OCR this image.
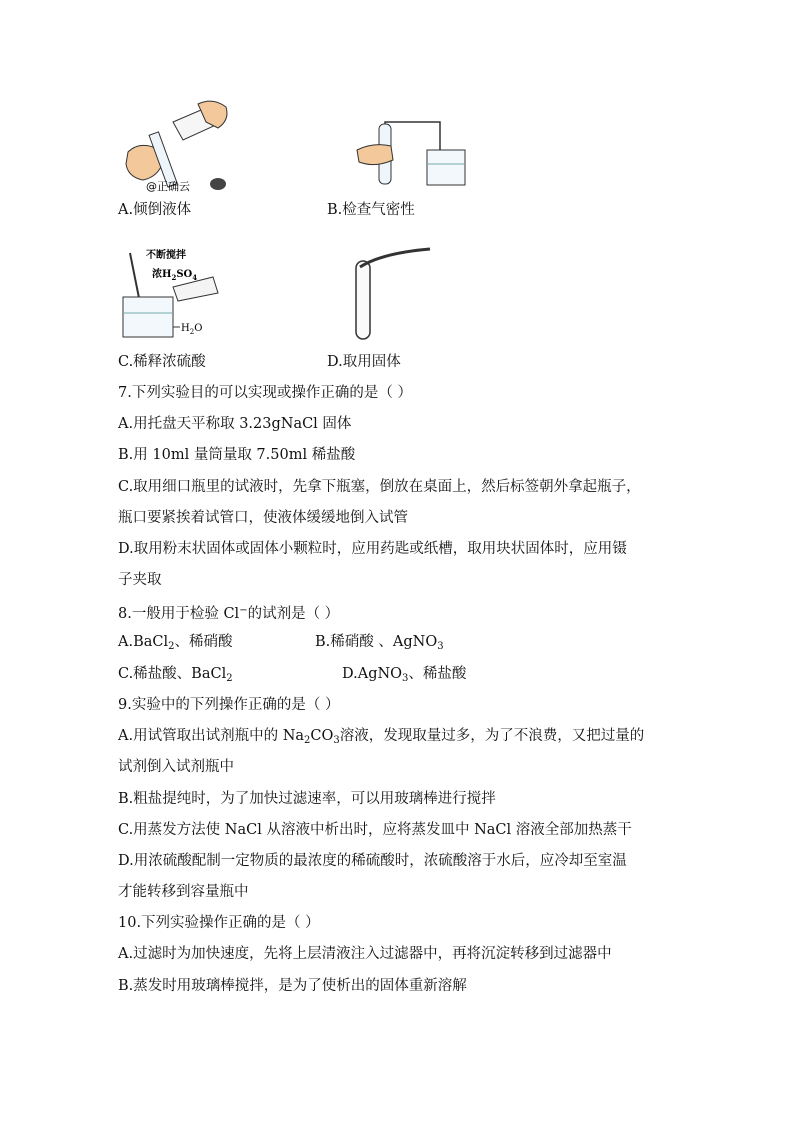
@正确云
不断搅拌
浓$H_2SO_4$
$H_2O$
A.倾倒液体	B.检查气密性
C.稀释浓硫酸	D.取用固体
7.下列实验目的可以实现或操作正确的是（ ）
A.用托盘天平称取 3.23gNaCl 固体
B.用 10ml 量筒量取 7.50ml 稀盐酸
C.取用细口瓶里的试液时，先拿下瓶塞，倒放在桌面上，然后标签朝外拿起瓶子，
瓶口要紧挨着试管口，使液体缓缓地倒入试管
D.取用粉末状固体或固体小颗粒时，应用药匙或纸槽，取用块状固体时，应用镊
子夹取
8.一般用于检验 Cl−的试剂是（ ）
A.BaCl$_2$、稀硝酸	B.稀硝酸 、AgNO$_3$
C.稀盐酸、BaCl$_2$	D.AgNO$_3$、稀盐酸
9.实验中的下列操作正确的是（ ）
A.用试管取出试剂瓶中的 $Na_2CO_3$溶液，发现取量过多，为了不浪费，又把过量的
试剂倒入试剂瓶中
B.粗盐提纯时，为了加快过滤速率，可以用玻璃棒进行搅拌
C.用蒸发方法使 NaCl 从溶液中析出时，应将蒸发皿中 NaCl 溶液全部加热蒸干
D.用浓硫酸配制一定物质的最浓度的稀硫酸时，浓硫酸溶于水后，应冷却至室温
才能转移到容量瓶中
10.下列实验操作正确的是（ ）
A.过滤时为加快速度，先将上层清液注入过滤器中，再将沉淀转移到过滤器中
B.蒸发时用玻璃棒搅拌，是为了使析出的固体重新溶解
